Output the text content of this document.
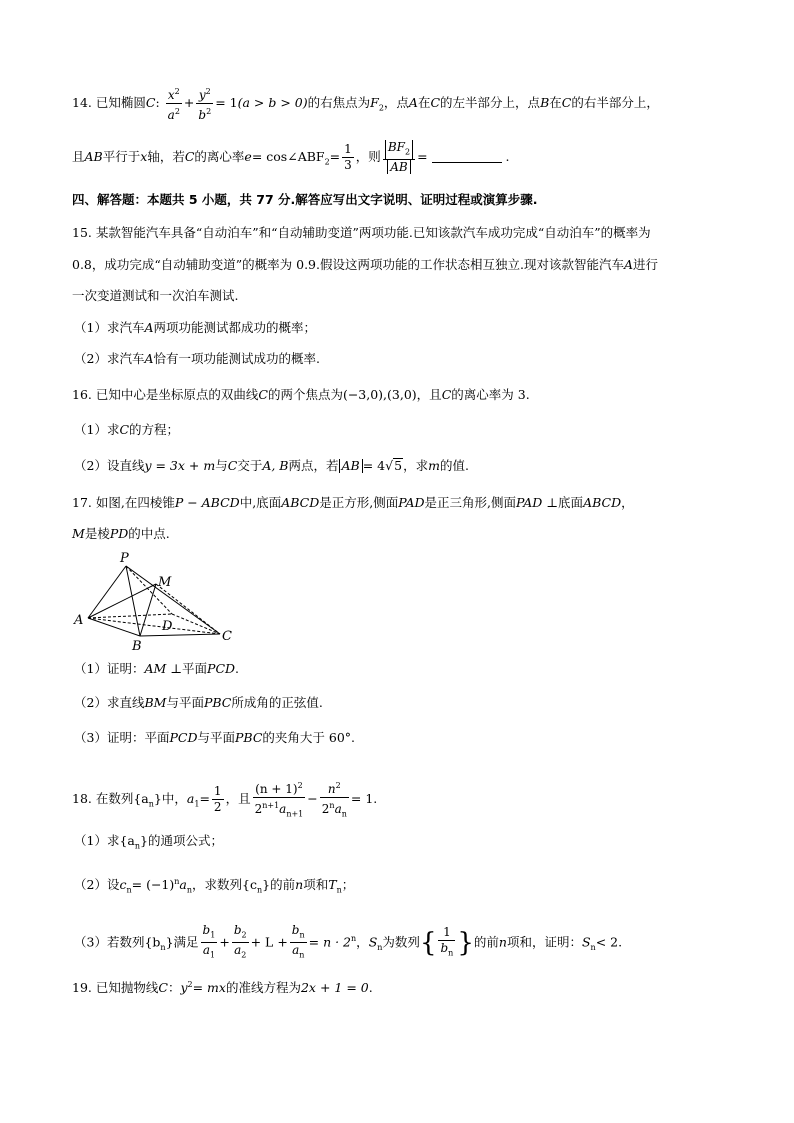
14. 已知椭圆C: $\frac{x^2}{a^2} + \frac{y^2}{b^2} = 1(a > b > 0)$的右焦点为$F_2$，点A在C的左半部分上，点B在C的右半部分上，
且AB平行于x轴，若C的离心率$e= \cos\angle ABF_2= \frac{1}{3}$ ，则 $\frac{BF_2}{AB}$ =	.
四、解答题：本题共 5 小题，共 77 分.解答应写出文字说明、证明过程或演算步骤.
15. 某款智能汽车具备“自动泊车”和“自动辅助变道”两项功能.已知该款汽车成功完成“自动泊车”的概率为
0.8，成功完成“自动辅助变道”的概率为 0.9.假设这两项功能的工作状态相互独立.现对该款智能汽车A进行
一次变道测试和一次泊车测试.
（1）求汽车A两项功能测试都成功的概率；
（2）求汽车A恰有一项功能测试成功的概率.
16. 已知中心是坐标原点的双曲线C的两个焦点为(−3,0),(3,0)，且C的离心率为 3.
（1）求C的方程；
（2）设直线y = 3x + m与C交于A, B两点，若 AB = 4√5，求m的值.
17. 如图,在四棱锥P − ABCD中,底面ABCD是正方形,侧面PAD是正三角形,侧面PAD ⊥底面ABCD，
M是棱PD的中点.
P
M
A	D
C
B
（1）证明：AM ⊥平面PCD.
（2）求直线BM与平面PBC所成角的正弦值.
（3）证明：平面PCD与平面PBC的夹角大于 60°.
18. 在数列$\{a_n\}$中，$a_1= \frac{1}{2}$ ，且 $\frac{(n + 1)^2}{2^{n+1}a_{n+1}} - \frac{n^2}{2^na_n} = 1$.
（1）求$\{a_n\}$的通项公式；
（2）设$c_n= (-1)^na_n$，求数列$\{c_n\}$的前n项和$T_n$；
（3）若数列$\{b_n\}$满足 $\frac{b_1}{a_1} + \frac{b_2}{a_2} + L + \frac{b_n}{a_n} = n \cdot 2^n$，$S_n$为数列{ $\frac{1}{b_n}$ }的前n项和，证明：$S_n< 2$.
19. 已知抛物线C：$y^2=$ mx的准线方程为2x + 1 = 0.
